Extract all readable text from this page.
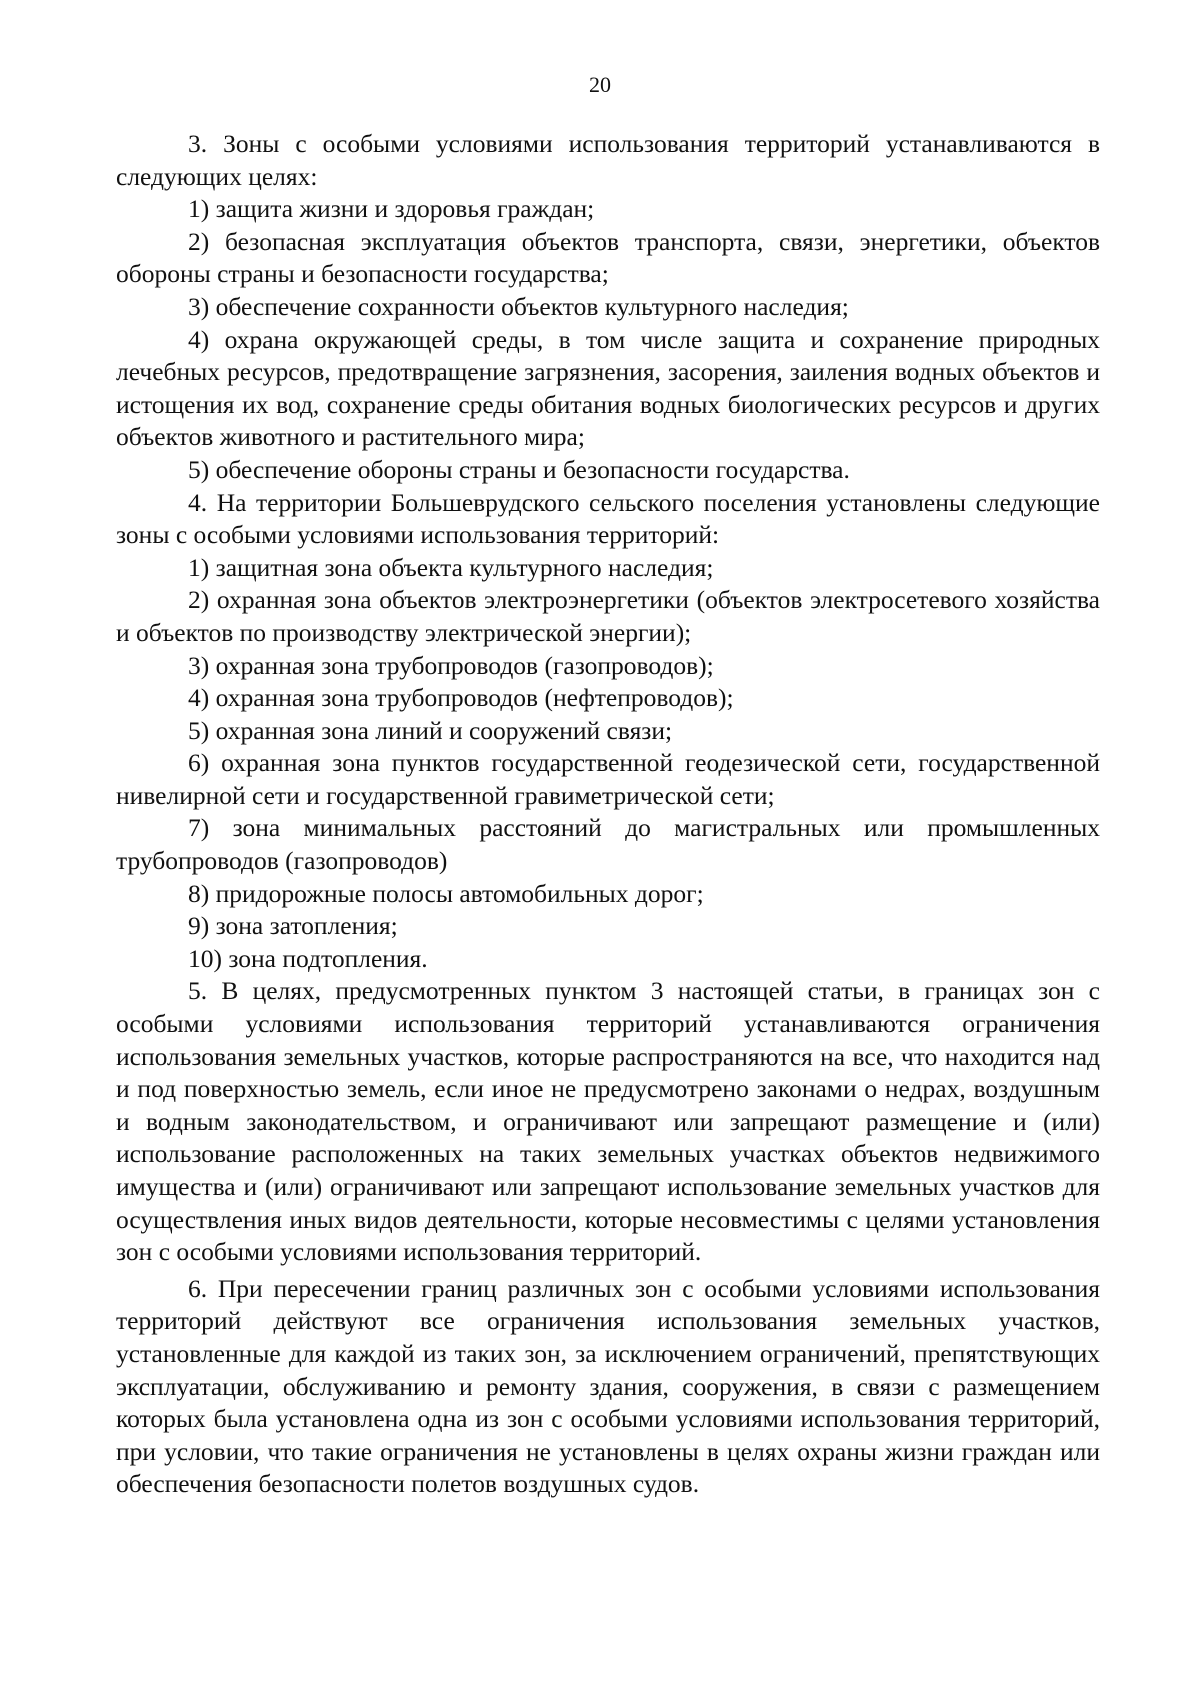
20

3. Зоны с особыми условиями использования территорий устанавливаются в следующих целях:

1) защита жизни и здоровья граждан;

2) безопасная эксплуатация объектов транспорта, связи, энергетики, объектов обороны страны и безопасности государства;

3) обеспечение сохранности объектов культурного наследия;

4) охрана окружающей среды, в том числе защита и сохранение природных лечебных ресурсов, предотвращение загрязнения, засорения, заиления водных объектов и истощения их вод, сохранение среды обитания водных биологических ресурсов и других объектов животного и растительного мира;

5) обеспечение обороны страны и безопасности государства.

4. На территории Большеврудского сельского поселения установлены следующие зоны с особыми условиями использования территорий:

1) защитная зона объекта культурного наследия;

2) охранная зона объектов электроэнергетики (объектов электросетевого хозяйства и объектов по производству электрической энергии);

3) охранная зона трубопроводов (газопроводов);

4) охранная зона трубопроводов (нефтепроводов);

5) охранная зона линий и сооружений связи;

6) охранная зона пунктов государственной геодезической сети, государственной нивелирной сети и государственной гравиметрической сети;

7) зона минимальных расстояний до магистральных или промышленных трубопроводов (газопроводов)

8) придорожные полосы автомобильных дорог;

9) зона затопления;

10) зона подтопления.

5. В целях, предусмотренных пунктом 3 настоящей статьи, в границах зон с особыми условиями использования территорий устанавливаются ограничения использования земельных участков, которые распространяются на все, что находится над и под поверхностью земель, если иное не предусмотрено законами о недрах, воздушным и водным законодательством, и ограничивают или запрещают размещение и (или) использование расположенных на таких земельных участках объектов недвижимого имущества и (или) ограничивают или запрещают использование земельных участков для осуществления иных видов деятельности, которые несовместимы с целями установления зон с особыми условиями использования территорий.

6. При пересечении границ различных зон с особыми условиями использования территорий действуют все ограничения использования земельных участков, установленные для каждой из таких зон, за исключением ограничений, препятствующих эксплуатации, обслуживанию и ремонту здания, сооружения, в связи с размещением которых была установлена одна из зон с особыми условиями использования территорий, при условии, что такие ограничения не установлены в целях охраны жизни граждан или обеспечения безопасности полетов воздушных судов.
